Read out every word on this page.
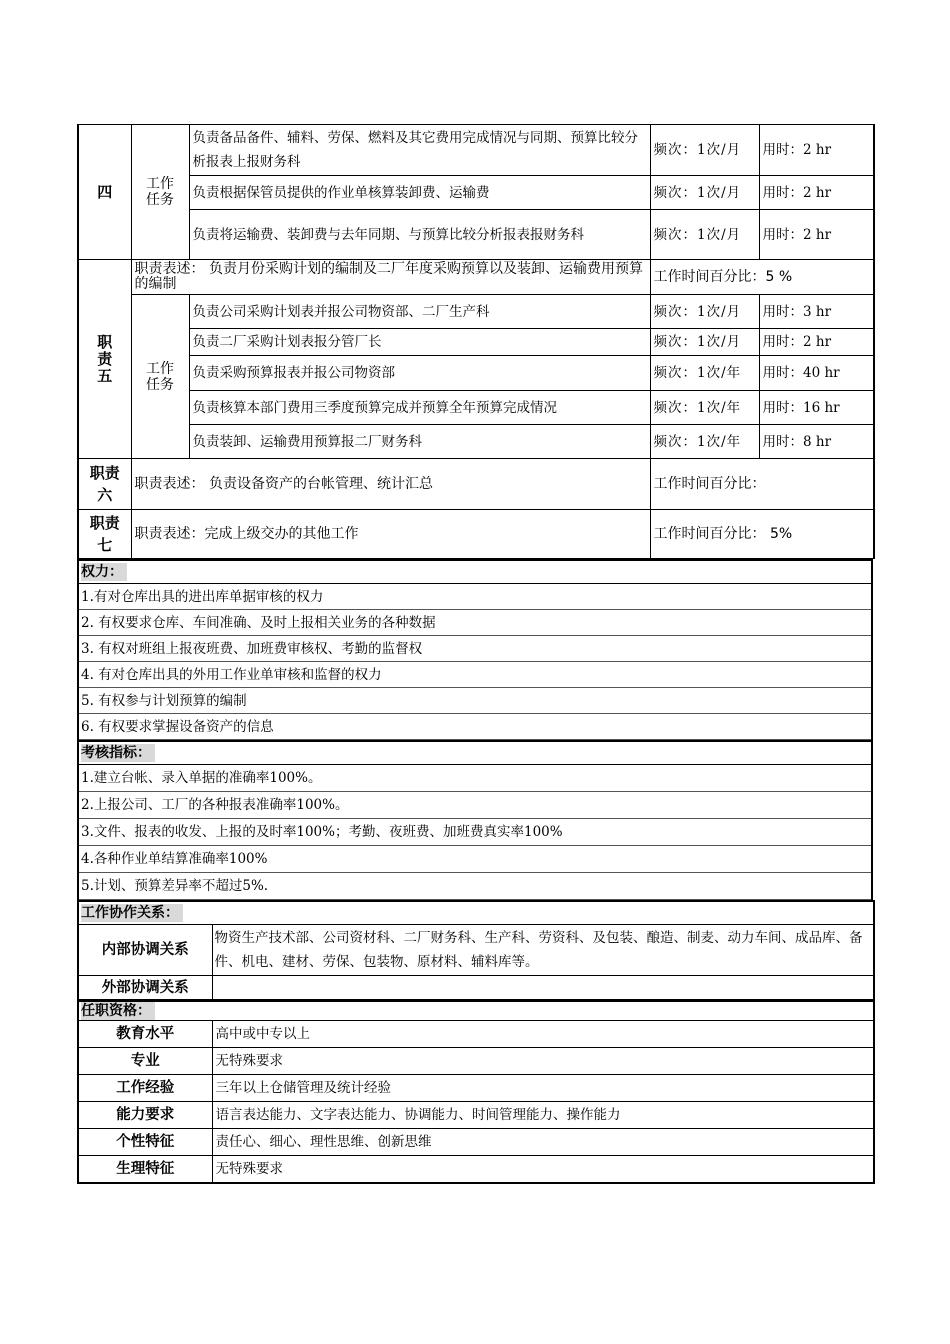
四	工作任务	负责备品备件、辅料、劳保、燃料及其它费用完成情况与同期、预算比较分析报表上报财务科	频次：1次/月	用时：2 hr
		负责根据保管员提供的作业单核算装卸费、运输费	频次：1次/月	用时：2 hr
		负责将运输费、装卸费与去年同期、与预算比较分析报表报财务科	频次：1次/月	用时：2 hr
职责五	职责表述： 负责月份采购计划的编制及二厂年度采购预算以及装卸、运输费用预算的编制		工作时间百分比：5 %	
	工作任务	负责公司采购计划表并报公司物资部、二厂生产科	频次：1次/月	用时：3 hr
		负责二厂采购计划表报分管厂长	频次：1次/月	用时：2 hr
		负责采购预算报表并报公司物资部	频次：1次/年	用时：40 hr
		负责核算本部门费用三季度预算完成并预算全年预算完成情况	频次：1次/年	用时：16 hr
		负责装卸、运输费用预算报二厂财务科	频次：1次/年	用时：8 hr
职责六	职责表述： 负责设备资产的台帐管理、统计汇总		工作时间百分比：	
职责七	职责表述：完成上级交办的其他工作		工作时间百分比： 5%	
权力：
1.有对仓库出具的进出库单据审核的权力
2. 有权要求仓库、车间准确、及时上报相关业务的各种数据
3. 有权对班组上报夜班费、加班费审核权、考勤的监督权
4. 有对仓库出具的外用工作业单审核和监督的权力
5. 有权参与计划预算的编制
6. 有权要求掌握设备资产的信息
考核指标：
1.建立台帐、录入单据的准确率100%。
2.上报公司、工厂的各种报表准确率100%。
3.文件、报表的收发、上报的及时率100%；考勤、夜班费、加班费真实率100%
4.各种作业单结算准确率100%
5.计划、预算差异率不超过5%.
工作协作关系：	
内部协调关系	物资生产技术部、公司资材科、二厂财务科、生产科、劳资科、及包装、酿造、制麦、动力车间、成品库、备件、机电、建材、劳保、包装物、原材料、辅料库等。
外部协调关系	
任职资格：	
教育水平	高中或中专以上
专业	无特殊要求
工作经验	三年以上仓储管理及统计经验
能力要求	语言表达能力、文字表达能力、协调能力、时间管理能力、操作能力
个性特征	责任心、细心、理性思维、创新思维
生理特征	无特殊要求
